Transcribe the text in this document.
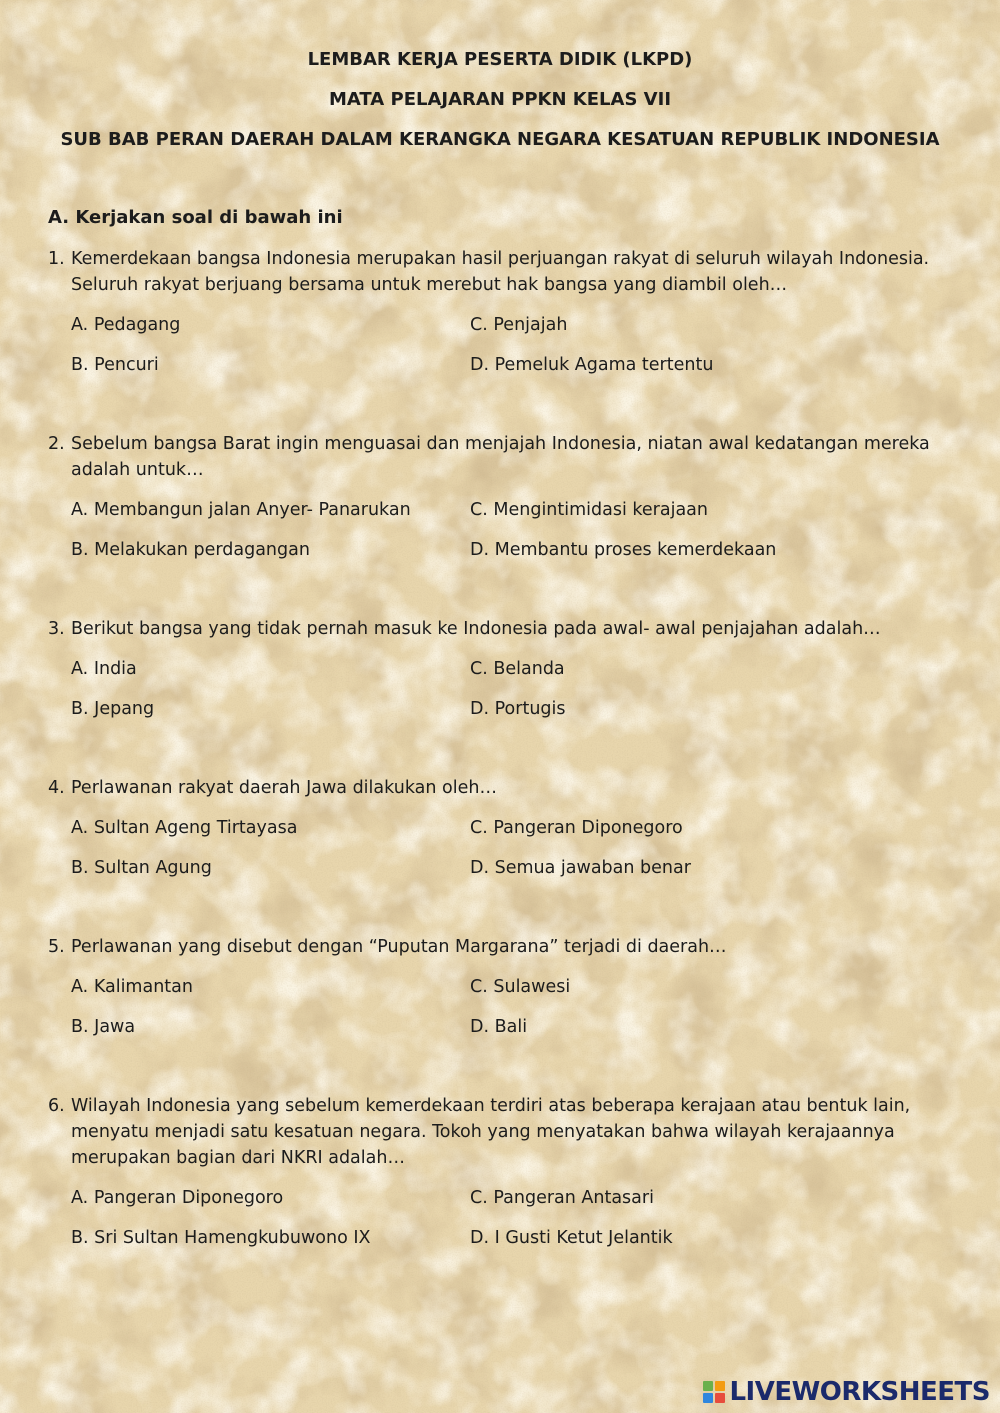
LEMBAR KERJA PESERTA DIDIK (LKPD)
MATA PELAJARAN PPKN KELAS VII
SUB BAB PERAN DAERAH DALAM KERANGKA NEGARA KESATUAN REPUBLIK INDONESIA
A. Kerjakan soal di bawah ini
1. Kemerdekaan bangsa Indonesia merupakan hasil perjuangan rakyat di seluruh wilayah Indonesia.
Seluruh rakyat berjuang bersama untuk merebut hak bangsa yang diambil oleh…
A. Pedagang
B. Pencuri
C. Penjajah
D. Pemeluk Agama tertentu
2. Sebelum bangsa Barat ingin menguasai dan menjajah Indonesia, niatan awal kedatangan mereka
adalah untuk…
A. Membangun jalan Anyer- Panarukan
B. Melakukan perdagangan
C. Mengintimidasi kerajaan
D. Membantu proses kemerdekaan
3. Berikut bangsa yang tidak pernah masuk ke Indonesia pada awal- awal penjajahan adalah…
A. India
B. Jepang
C. Belanda
D. Portugis
4. Perlawanan rakyat daerah Jawa dilakukan oleh…
A. Sultan Ageng Tirtayasa
B. Sultan Agung
C. Pangeran Diponegoro
D. Semua jawaban benar
5. Perlawanan yang disebut dengan “Puputan Margarana” terjadi di daerah…
A. Kalimantan
B. Jawa
C. Sulawesi
D. Bali
6. Wilayah Indonesia yang sebelum kemerdekaan terdiri atas beberapa kerajaan atau bentuk lain,
menyatu menjadi satu kesatuan negara. Tokoh yang menyatakan bahwa wilayah kerajaannya
merupakan bagian dari NKRI adalah…
A. Pangeran Diponegoro
B. Sri Sultan Hamengkubuwono IX
C. Pangeran Antasari
D. I Gusti Ketut Jelantik
LIVEWORKSHEETS
